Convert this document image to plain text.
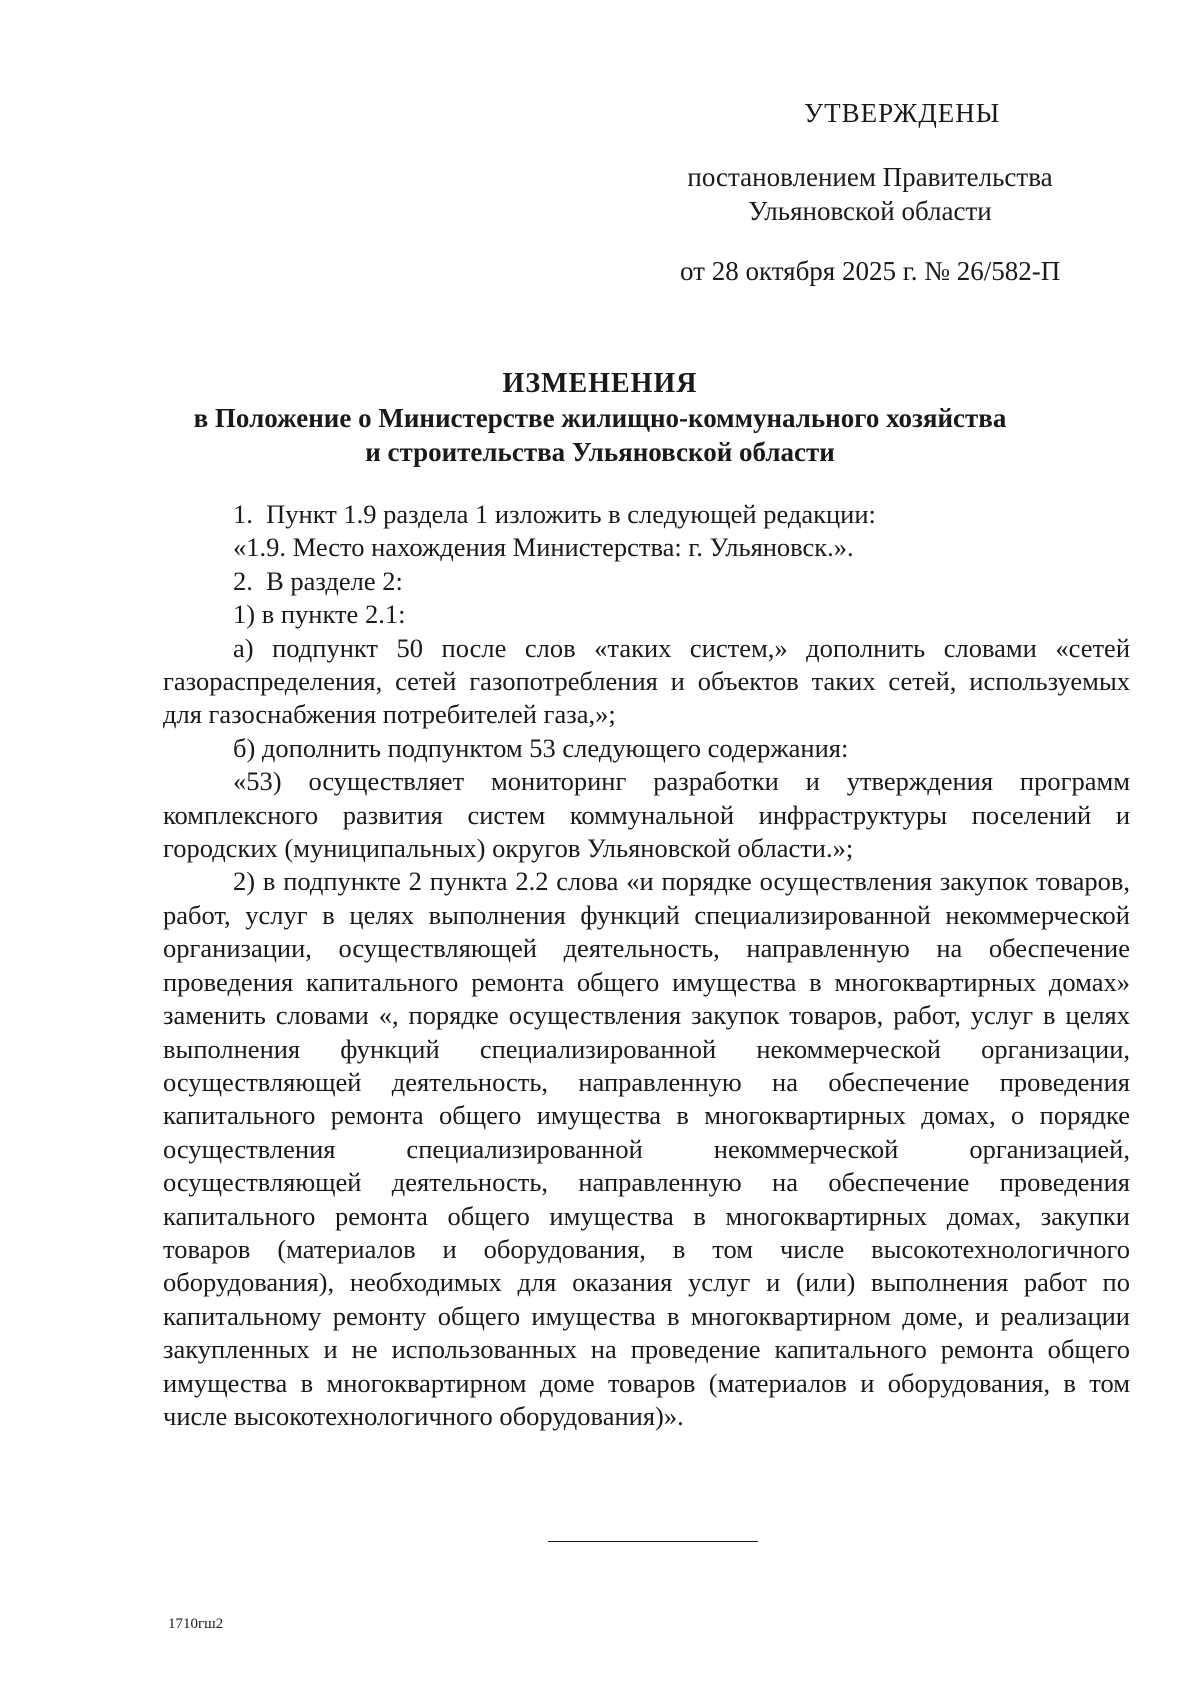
УТВЕРЖДЕНЫ
постановлением Правительства
Ульяновской области
от 28 октября 2025 г. № 26/582-П
ИЗМЕНЕНИЯ
в Положение о Министерстве жилищно-коммунального хозяйства
и строительства Ульяновской области

1.  Пункт 1.9 раздела 1 изложить в следующей редакции:

«1.9. Место нахождения Министерства: г. Ульяновск.».

2.  В разделе 2:

1) в пункте 2.1:

а) подпункт 50 после слов «таких систем,» дополнить словами «сетей газораспределения, сетей газопотребления и объектов таких сетей, используемых для газоснабжения потребителей газа,»;

б) дополнить подпунктом 53 следующего содержания:

«53) осуществляет мониторинг разработки и утверждения программ комплексного развития систем коммунальной инфраструктуры поселений и городских (муниципальных) округов Ульяновской области.»;

2) в подпункте 2 пункта 2.2 слова «и порядке осуществления закупок товаров, работ, услуг в целях выполнения функций специализированной некоммерческой организации, осуществляющей деятельность, направленную на обеспечение проведения капитального ремонта общего имущества в многоквартирных домах» заменить словами «, порядке осуществления закупок товаров, работ, услуг в целях выполнения функций специализированной некоммерческой организации, осуществляющей деятельность, направленную на обеспечение проведения капитального ремонта общего имущества в многоквартирных домах, о порядке осуществления специализированной некоммерческой организацией, осуществляющей деятельность, направленную на обеспечение проведения капитального ремонта общего имущества в многоквартирных домах, закупки товаров (материалов и оборудования, в том числе высокотехнологичного оборудования), необходимых для оказания услуг и (или) выполнения работ по капитальному ремонту общего имущества в многоквартирном доме, и реализации закупленных и не использованных на проведение капитального ремонта общего имущества в многоквартирном доме товаров (материалов и оборудования, в том числе высокотехнологичного оборудования)».

1710гш2
